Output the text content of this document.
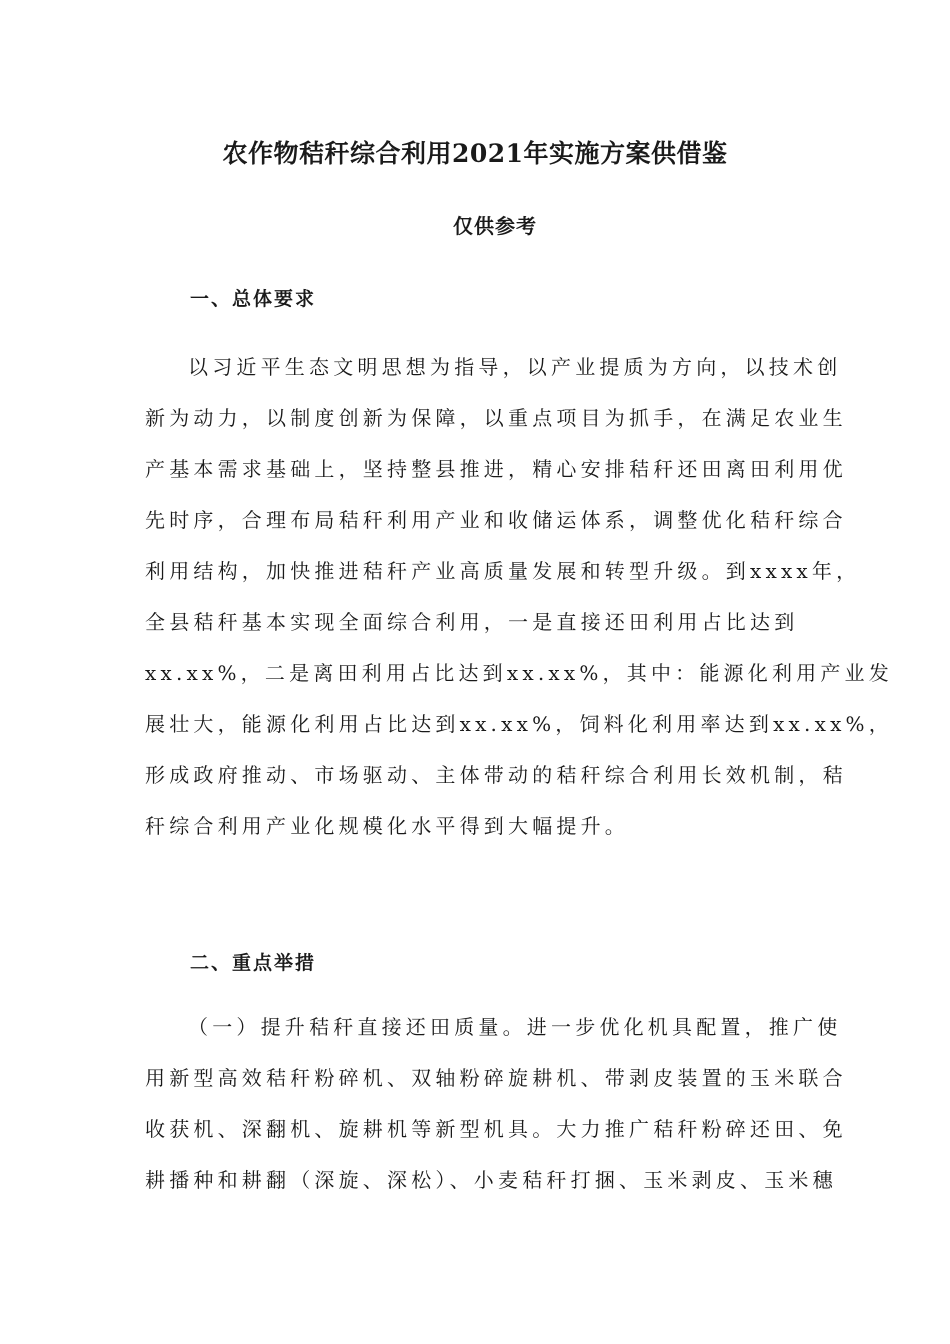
农作物秸秆综合利用2021年实施方案供借鉴
仅供参考
一、总体要求
以习近平生态文明思想为指导，以产业提质为方向，以技术创
新为动力，以制度创新为保障，以重点项目为抓手，在满足农业生
产基本需求基础上，坚持整县推进，精心安排秸秆还田离田利用优
先时序，合理布局秸秆利用产业和收储运体系，调整优化秸秆综合
利用结构，加快推进秸秆产业高质量发展和转型升级。到xxxx年，
全县秸秆基本实现全面综合利用，一是直接还田利用占比达到
xx.xx%，二是离田利用占比达到xx.xx%，其中：能源化利用产业发
展壮大，能源化利用占比达到xx.xx%，饲料化利用率达到xx.xx%，
形成政府推动、市场驱动、主体带动的秸秆综合利用长效机制，秸
秆综合利用产业化规模化水平得到大幅提升。
二、重点举措
（一）提升秸秆直接还田质量。进一步优化机具配置，推广使
用新型高效秸秆粉碎机、双轴粉碎旋耕机、带剥皮装置的玉米联合
收获机、深翻机、旋耕机等新型机具。大力推广秸秆粉碎还田、免
耕播种和耕翻（深旋、深松）、小麦秸秆打捆、玉米剥皮、玉米穗
